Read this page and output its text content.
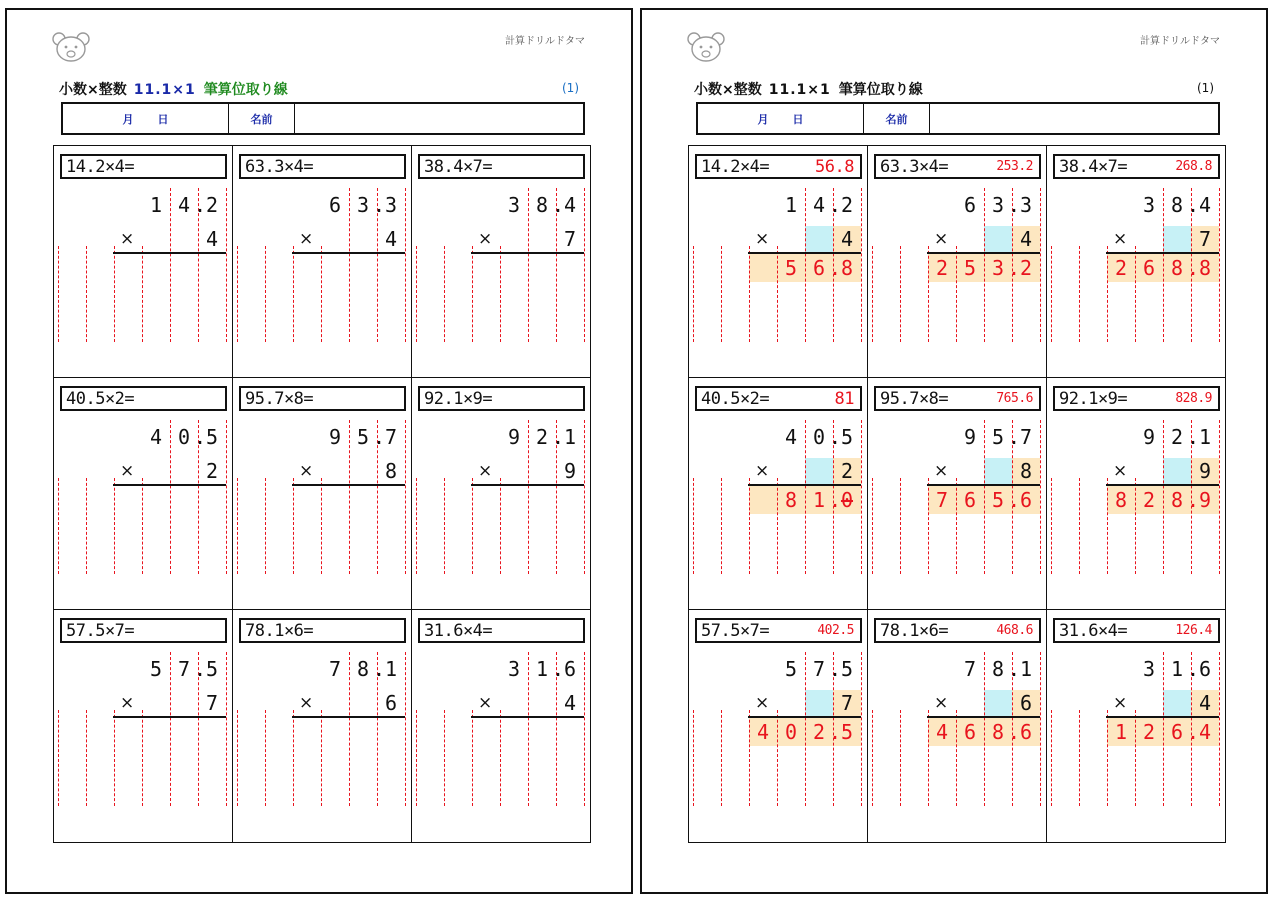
計算ドリルドタマ
小数×整数 11.1×1 筆算位取り線	(1)
月 日	名前
14.2×4=
1 4 2
.
×	4
63.3×4=
6 3 3
.
×	4
38.4×7=
3 8 4
.
×	7
40.5×2=
4 0 5
.
×	2
95.7×8=
9 5 7
.
×	8
92.1×9=
9 2 1
.
×	9
57.5×7=
5 7 5
.
×	7
78.1×6=
7 8 1
.
×	6
31.6×4=
3 1 6
.
×	4
計算ドリルドタマ
小数×整数 11.1×1 筆算位取り線	(1)
月 日	名前
14.2×4=	56.8
1 4 2
.
×	4
5 6 8
.
63.3×4=	253.2
6 3 3
.
×	4
2 5 3 2
.
38.4×7=	268.8
3 8 4
.
×	7
2 6 8 8
.
40.5×2=	81
4 0 5
.
×	2
8 1 0
.
95.7×8=	765.6
9 5 7
.
×	8
7 6 5 6
.
92.1×9=	828.9
9 2 1
.
×	9
8 2 8 9
.
57.5×7=	402.5
5 7 5
.
×	7
4 0 2 5
.
78.1×6=	468.6
7 8 1
.
×	6
4 6 8 6
.
31.6×4=	126.4
3 1 6
.
×	4
1 2 6 4
.
